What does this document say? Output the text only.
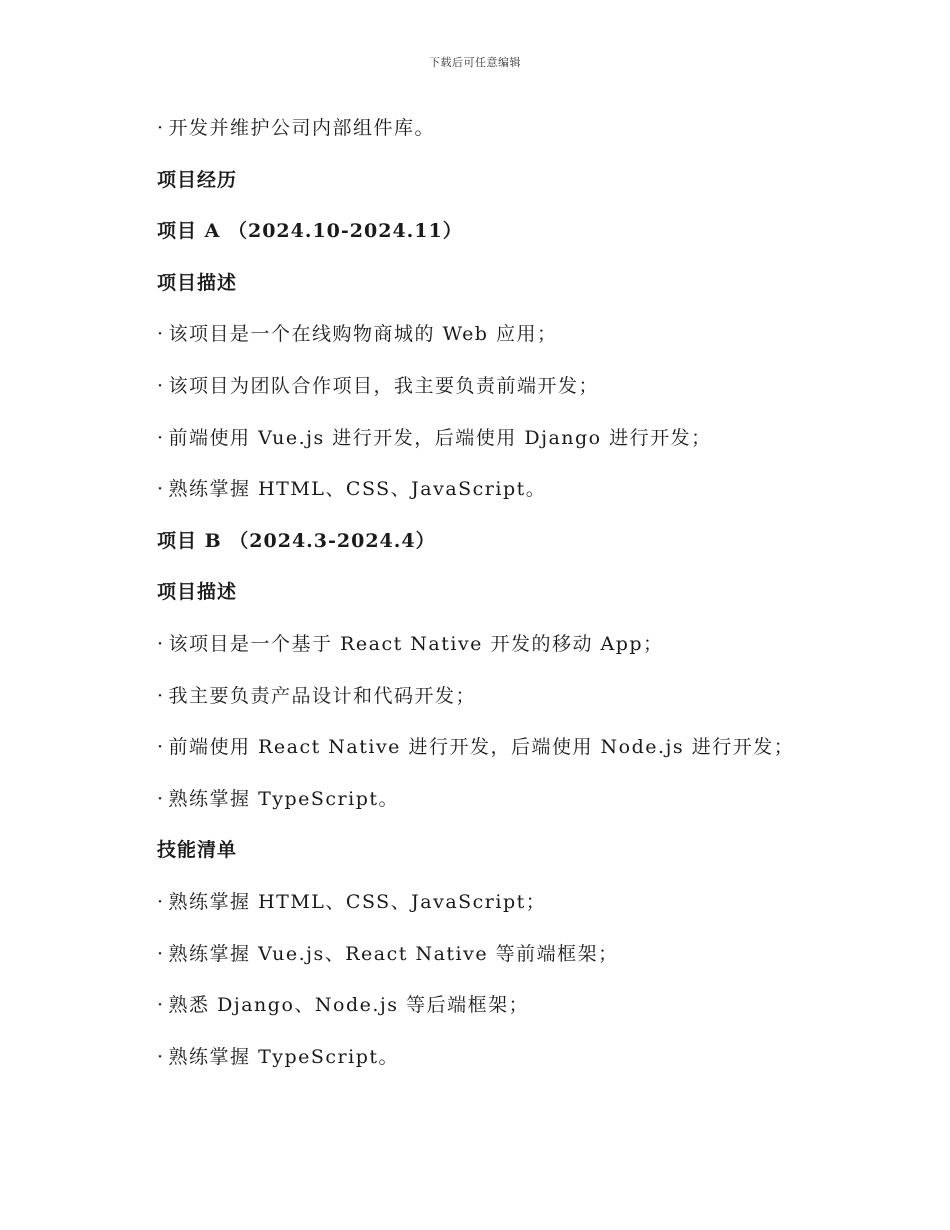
下载后可任意编辑
· 开发并维护公司内部组件库。
项目经历
项目 A （2024.10-2024.11）
项目描述
· 该项目是一个在线购物商城的 Web 应用；
· 该项目为团队合作项目，我主要负责前端开发；
· 前端使用 Vue.js 进行开发，后端使用 Django 进行开发；
· 熟练掌握 HTML、CSS、JavaScript。
项目 B （2024.3-2024.4）
项目描述
· 该项目是一个基于 React Native 开发的移动 App；
· 我主要负责产品设计和代码开发；
· 前端使用 React Native 进行开发，后端使用 Node.js 进行开发；
· 熟练掌握 TypeScript。
技能清单
· 熟练掌握 HTML、CSS、JavaScript；
· 熟练掌握 Vue.js、React Native 等前端框架；
· 熟悉 Django、Node.js 等后端框架；
· 熟练掌握 TypeScript。
